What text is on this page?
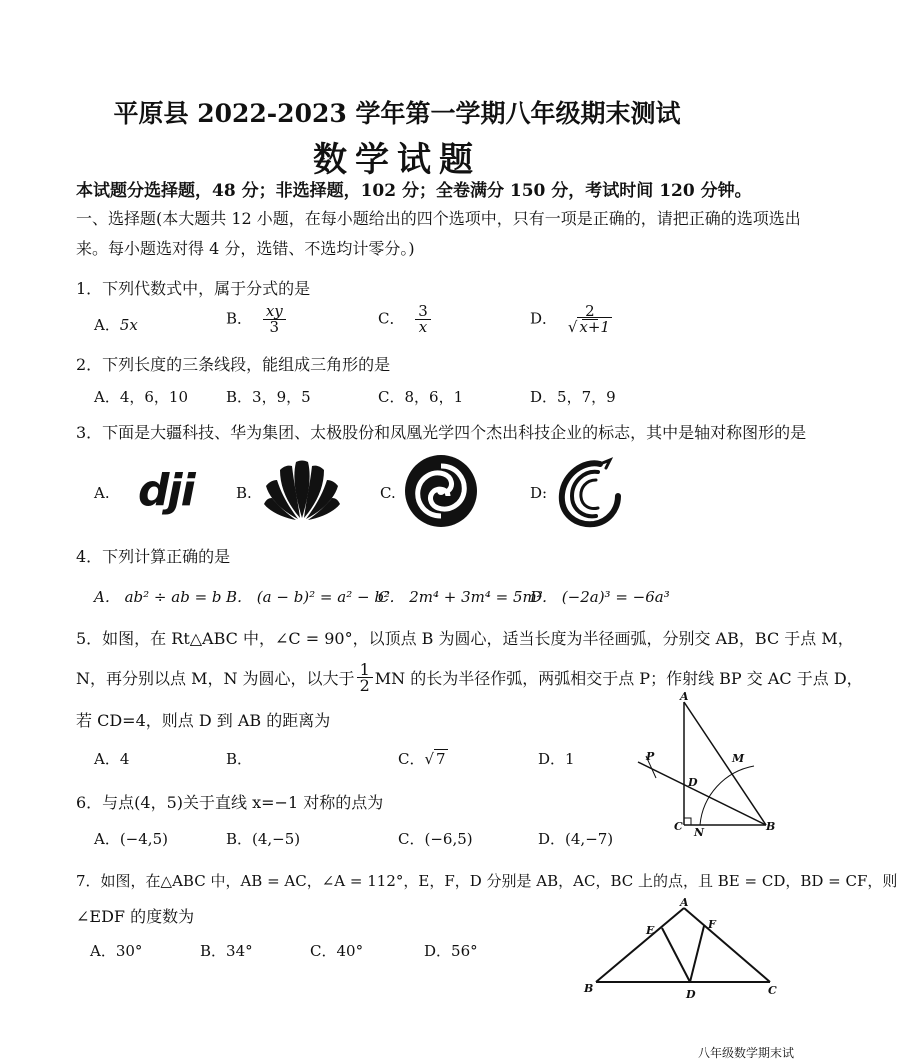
平原县 2022-2023 学年第一学期八年级期末测试
数学试题
本试题分选择题，48 分；非选择题，102 分；全卷满分 150 分，考试时间 120 分钟。
一、选择题(本大题共 12 小题，在每小题给出的四个选项中，只有一项是正确的，请把正确的选项选出
来。每小题选对得 4 分，选错、不选均计零分。)
1．下列代数式中，属于分式的是
A．5x	B． $\frac{xy}{3}$	C． $\frac{3}{x}$	D． $\frac{2}{√ x+1}$
2．下列长度的三条线段，能组成三角形的是
A．4，6，10	B．3，9，5	C．8，6，1	D．5，7，9
3．下面是大疆科技、华为集团、太极股份和凤凰光学四个杰出科技企业的标志，其中是轴对称图形的是
A. dji	B.	C.	D:
4．下列计算正确的是
A． ab² ÷ ab = b B． (a − b)² = a² − b²
C． 2m⁴ + 3m⁴ = 5m²
D． (−2a)³ = −6a³
5．如图，在 Rt△ABC 中，∠C = 90°，以顶点 B 为圆心，适当长度为半径画弧，分别交 AB，BC 于点 M，
N，再分别以点 M，N 为圆心，以大于 $\frac{1}{2}$ MN 的长为半径作弧，两弧相交于点 P；作射线 BP 交 AC 于点 D，
若 CD=4，则点 D 到 AB 的距离为
A．4	B．	C．√ 7	D．1
A
P
D
M
C N	B
6．与点(4，5)关于直线 x=−1 对称的点为
A．(−4,5)	B．(4,−5)	C．(−6,5)	D．(4,−7)
7．如图，在△ABC 中，AB = AC，∠A = 112°，E，F，D 分别是 AB，AC，BC 上的点，且 BE = CD，BD = CF，则
∠EDF 的度数为
A．30°	B．34°	C．40°	D．56°
A
E	F
B	D	C
八年级数学期末试
